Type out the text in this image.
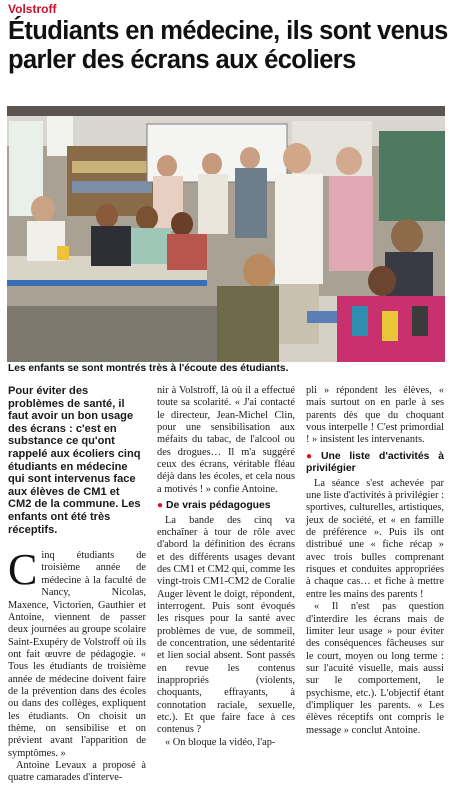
Volstroff
Étudiants en médecine, ils sont venus parler des écrans aux écoliers
Les enfants se sont montrés très à l'écoute des étudiants.

Pour éviter des problèmes de santé, il faut avoir un bon usage des écrans : c'est en substance ce qu'ont rappelé aux écoliers cinq étudiants en médecine qui sont intervenus face aux élèves de CM1 et CM2 de la commune. Les enfants ont été très réceptifs.

Cinq étudiants de troisième année de médecine à la faculté de Nancy, Nicolas, Maxence, Victorien, Gauthier et Antoine, viennent de passer deux journées au groupe scolaire Saint-Exupéry de Volstroff où ils ont fait œuvre de pédagogie. « Tous les étudiants de troisième année de médecine doivent faire de la prévention dans des écoles ou dans des collèges, expliquent les étudiants. On choisit un thème, on sensibilise et on prévient avant l'apparition de symptômes. »

Antoine Levaux a proposé à quatre camarades d'interve-

nir à Volstroff, là où il a effectué toute sa scolarité. « J'ai contacté le directeur, Jean-Michel Clin, pour une sensibilisation aux méfaits du tabac, de l'alcool ou des drogues… Il m'a suggéré ceux des écrans, véritable fléau déjà dans les écoles, et cela nous a motivés ! » confie Antoine.

● De vrais pédagogues

La bande des cinq va enchaîner à tour de rôle avec d'abord la définition des écrans et des différents usages devant des CM1 et CM2 qui, comme les vingt-trois CM1-CM2 de Coralie Auger lèvent le doigt, répondent, interrogent. Puis sont évoqués les risques pour la santé avec problèmes de vue, de sommeil, de concentration, une sédentarité et lien social absent. Sont passés en revue les contenus inappropriés (violents, choquants, effrayants, à connotation raciale, sexuelle, etc.). Et que faire face à ces contenus ?

« On bloque la vidéo, l'ap-

pli » répondent les élèves, « mais surtout on en parle à ses parents dès que du choquant vous interpelle ! C'est primordial ! » insistent les intervenants.

● Une liste d'activités à privilégier

La séance s'est achevée par une liste d'activités à privilégier : sportives, culturelles, artistiques, jeux de société, et « en famille de préférence ». Puis ils ont distribué une « fiche récap » avec trois bulles comprenant risques et conduites appropriées à chaque cas… et fiche à mettre entre les mains des parents !

« Il n'est pas question d'interdire les écrans mais de limiter leur usage » pour éviter des conséquences fâcheuses sur le court, moyen ou long terme : sur l'acuité visuelle, mais aussi sur le comportement, le psychisme, etc.). L'objectif étant d'impliquer les parents. « Les élèves réceptifs ont compris le message » conclut Antoine.
